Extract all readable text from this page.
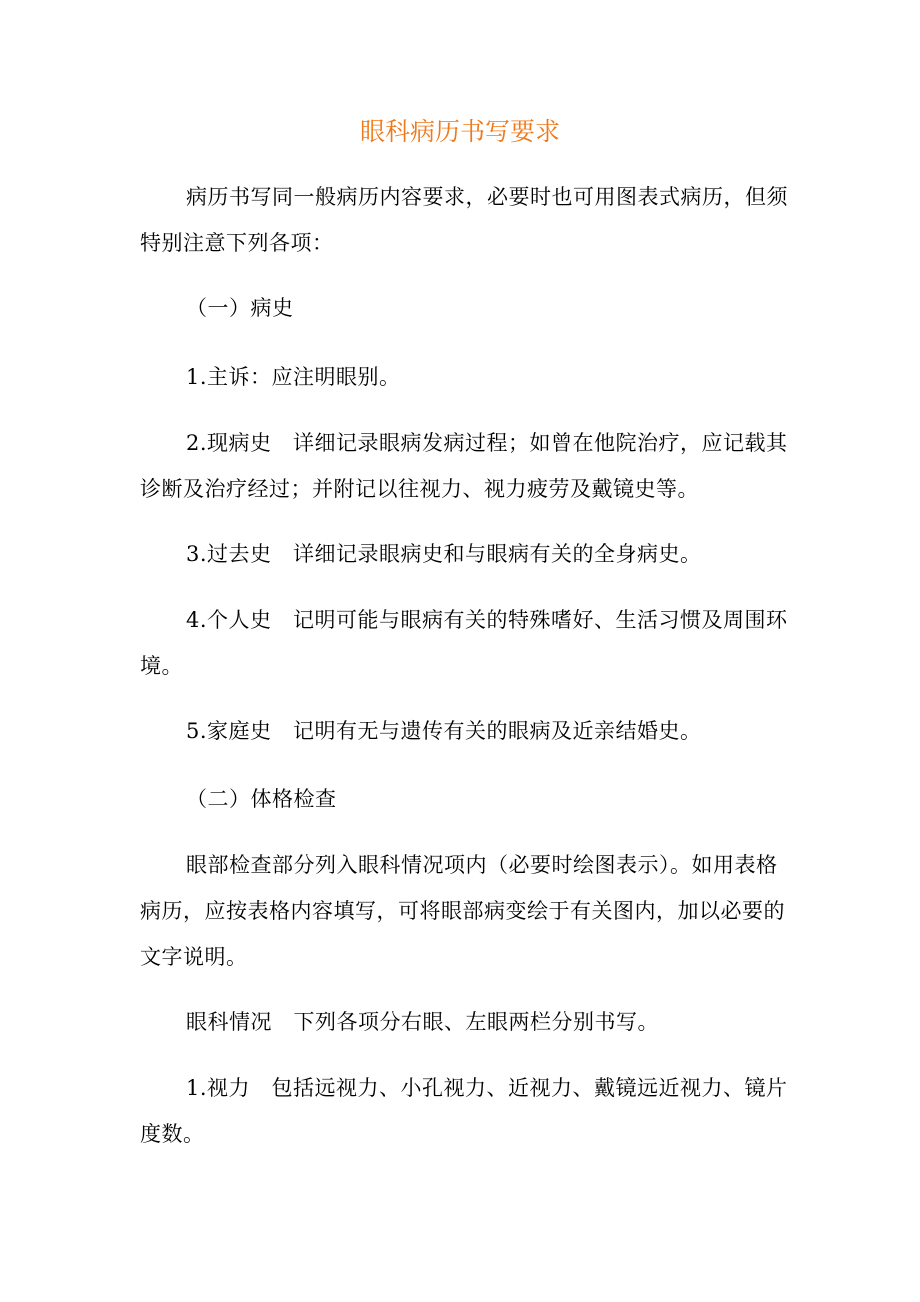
眼科病历书写要求

病历书写同一般病历内容要求，必要时也可用图表式病历，但须特别注意下列各项：

（一）病史

1.主诉：应注明眼别。

2.现病史　详细记录眼病发病过程；如曾在他院治疗，应记载其诊断及治疗经过；并附记以往视力、视力疲劳及戴镜史等。

3.过去史　详细记录眼病史和与眼病有关的全身病史。

4.个人史　记明可能与眼病有关的特殊嗜好、生活习惯及周围环境。

5.家庭史　记明有无与遗传有关的眼病及近亲结婚史。

（二）体格检查

眼部检查部分列入眼科情况项内（必要时绘图表示）。如用表格病历，应按表格内容填写，可将眼部病变绘于有关图内，加以必要的文字说明。

眼科情况　下列各项分右眼、左眼两栏分别书写。

1.视力　包括远视力、小孔视力、近视力、戴镜远近视力、镜片度数。
